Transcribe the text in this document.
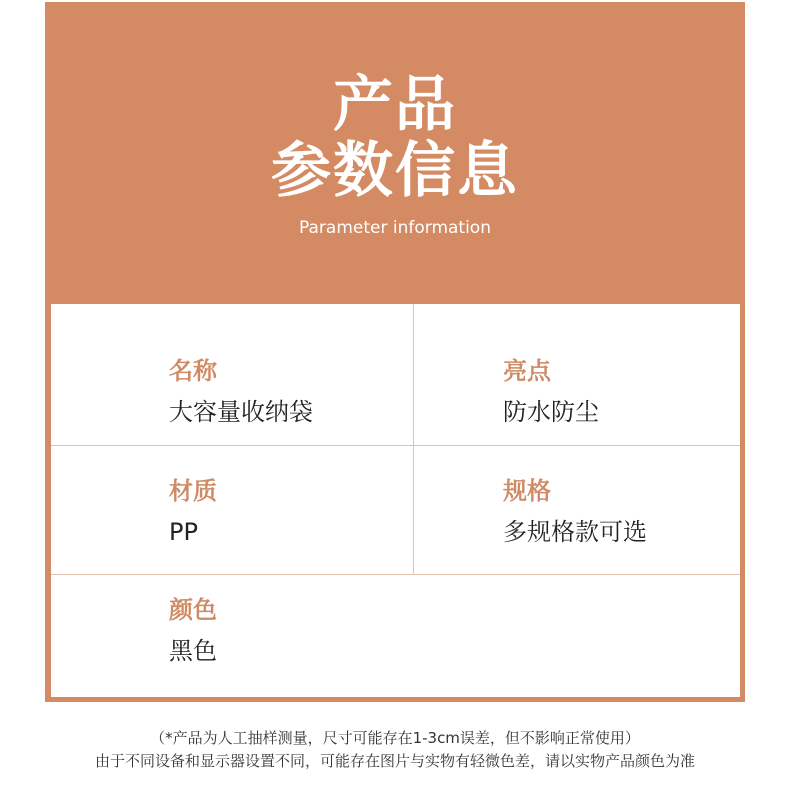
产品
参数信息
Parameter information
名称
大容量收纳袋
亮点
防水防尘
材质
PP
规格
多规格款可选
颜色
黑色
（*产品为人工抽样测量，尺寸可能存在1-3cm误差，但不影响正常使用）
由于不同设备和显示器设置不同，可能存在图片与实物有轻微色差，请以实物产品颜色为准
